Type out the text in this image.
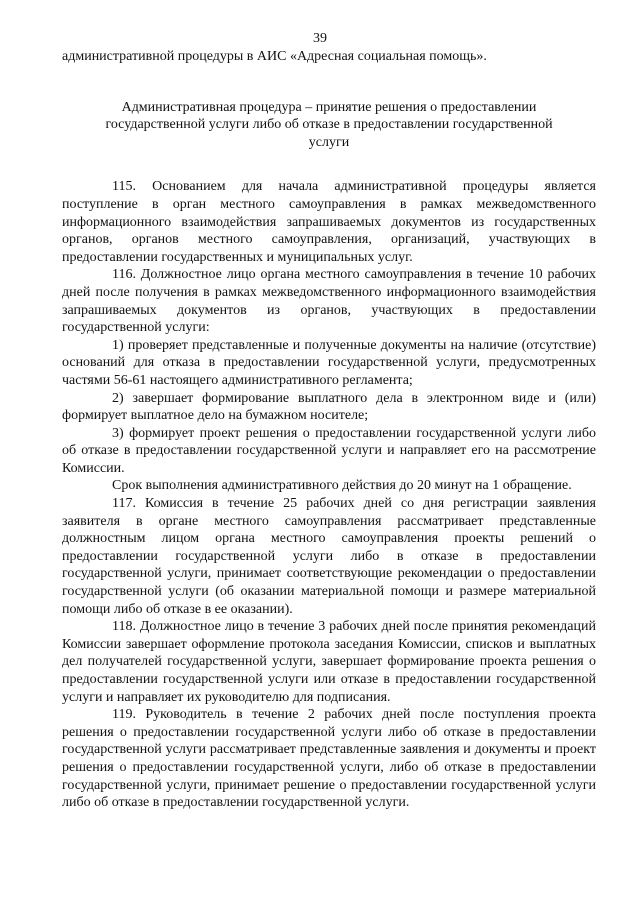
39

административной процедуры в АИС «Адресная социальная помощь».

Административная процедура – принятие решения о предоставлении
государственной услуги либо об отказе в предоставлении государственной
услуги

115. Основанием для начала административной процедуры является поступление в орган местного самоуправления в рамках межведомственного информационного взаимодействия запрашиваемых документов из государственных органов, органов местного самоуправления, организаций, участвующих в предоставлении государственных и муниципальных услуг.

116. Должностное лицо органа местного самоуправления в течение 10 рабочих дней после получения в рамках межведомственного информационного взаимодействия запрашиваемых документов из органов, участвующих в предоставлении государственной услуги:

1) проверяет представленные и полученные документы на наличие (отсутствие) оснований для отказа в предоставлении государственной услуги, предусмотренных частями 56-61 настоящего административного регламента;

2) завершает формирование выплатного дела в электронном виде и (или) формирует выплатное дело на бумажном носителе;

3) формирует проект решения о предоставлении государственной услуги либо об отказе в предоставлении государственной услуги и направляет его на рассмотрение Комиссии.

Срок выполнения административного действия до 20 минут на 1 обращение.

117. Комиссия в течение 25 рабочих дней со дня регистрации заявления заявителя в органе местного самоуправления рассматривает представленные должностным лицом органа местного самоуправления проекты решений о предоставлении государственной услуги либо в отказе в предоставлении государственной услуги, принимает соответствующие рекомендации о предоставлении государственной услуги (об оказании материальной помощи и размере материальной помощи либо об отказе в ее оказании).

118. Должностное лицо в течение 3 рабочих дней после принятия рекомендаций Комиссии завершает оформление протокола заседания Комиссии, списков и выплатных дел получателей государственной услуги, завершает формирование проекта решения о предоставлении государственной услуги или отказе в предоставлении государственной услуги и направляет их руководителю для подписания.

119. Руководитель в течение 2 рабочих дней после поступления проекта решения о предоставлении государственной услуги либо об отказе в предоставлении государственной услуги рассматривает представленные заявления и документы и проект решения о предоставлении государственной услуги, либо об отказе в предоставлении государственной услуги, принимает решение о предоставлении государственной услуги либо об отказе в предоставлении государственной услуги.
